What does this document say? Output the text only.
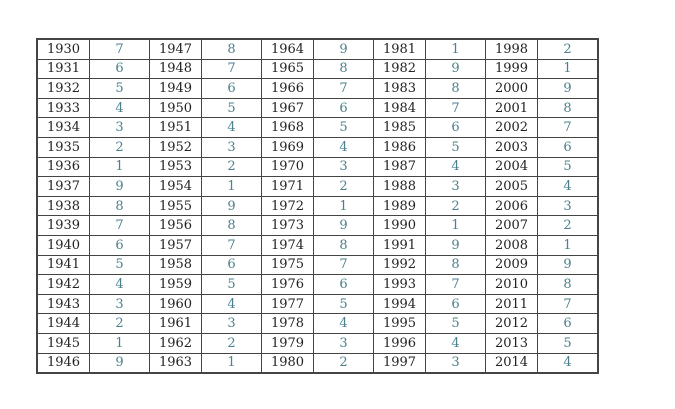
1930	7	1947	8	1964	9	1981	1	1998	2
1931	6	1948	7	1965	8	1982	9	1999	1
1932	5	1949	6	1966	7	1983	8	2000	9
1933	4	1950	5	1967	6	1984	7	2001	8
1934	3	1951	4	1968	5	1985	6	2002	7
1935	2	1952	3	1969	4	1986	5	2003	6
1936	1	1953	2	1970	3	1987	4	2004	5
1937	9	1954	1	1971	2	1988	3	2005	4
1938	8	1955	9	1972	1	1989	2	2006	3
1939	7	1956	8	1973	9	1990	1	2007	2
1940	6	1957	7	1974	8	1991	9	2008	1
1941	5	1958	6	1975	7	1992	8	2009	9
1942	4	1959	5	1976	6	1993	7	2010	8
1943	3	1960	4	1977	5	1994	6	2011	7
1944	2	1961	3	1978	4	1995	5	2012	6
1945	1	1962	2	1979	3	1996	4	2013	5
1946	9	1963	1	1980	2	1997	3	2014	4
